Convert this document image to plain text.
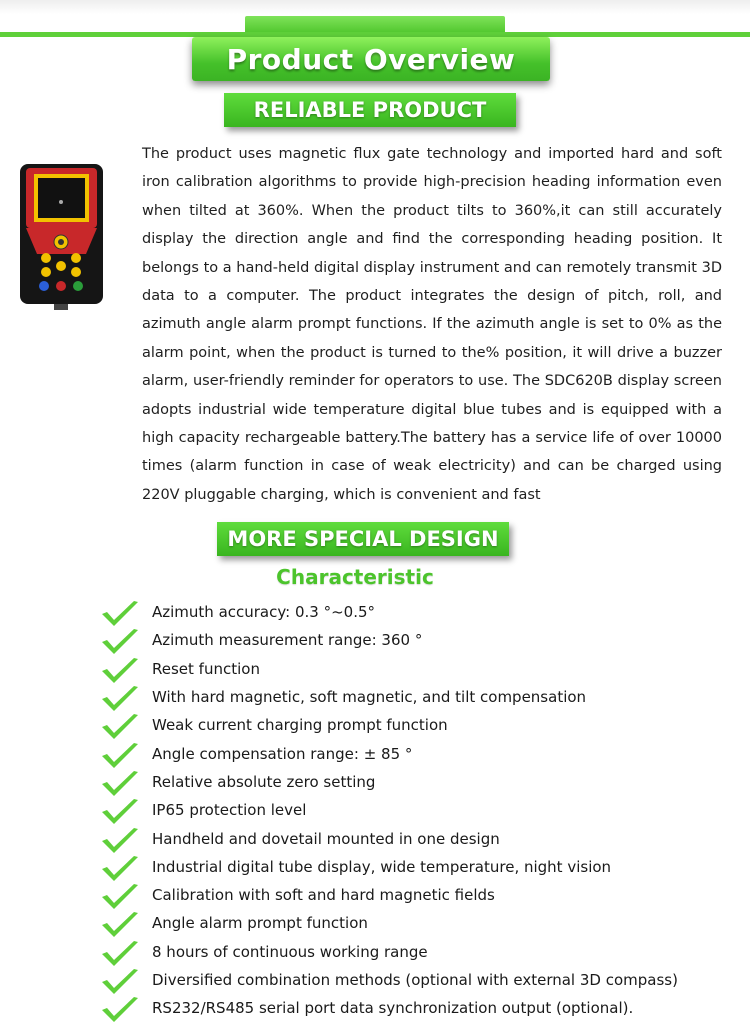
Product Overview
RELIABLE PRODUCT

The product uses magnetic flux gate technology and imported hard and soft iron calibration algorithms to provide high-precision heading information even when tilted at 360%. When the product tilts to 360%,it can still accurately display the direction angle and find the corresponding heading position. It belongs to a hand-held digital display instrument and can remotely transmit 3D data to a computer. The product integrates the design of pitch, roll, and azimuth angle alarm prompt functions. If the azimuth angle is set to 0% as the alarm point, when the product is turned to the% position, it will drive a buzzer alarm, user-friendly reminder for operators to use. The SDC620B display screen adopts industrial wide temperature digital blue tubes and is equipped with a high capacity rechargeable battery.The battery has a service life of over 10000 times (alarm function in case of weak electricity) and can be charged using 220V pluggable charging, which is convenient and fast

MORE SPECIAL DESIGN
Characteristic
Azimuth accuracy: 0.3 °~0.5°
Azimuth measurement range: 360 °
Reset function
With hard magnetic, soft magnetic, and tilt compensation
Weak current charging prompt function
Angle compensation range: ± 85 °
Relative absolute zero setting
IP65 protection level
Handheld and dovetail mounted in one design
Industrial digital tube display, wide temperature, night vision
Calibration with soft and hard magnetic fields
Angle alarm prompt function
8 hours of continuous working range
Diversified combination methods (optional with external 3D compass)
RS232/RS485 serial port data synchronization output (optional).
